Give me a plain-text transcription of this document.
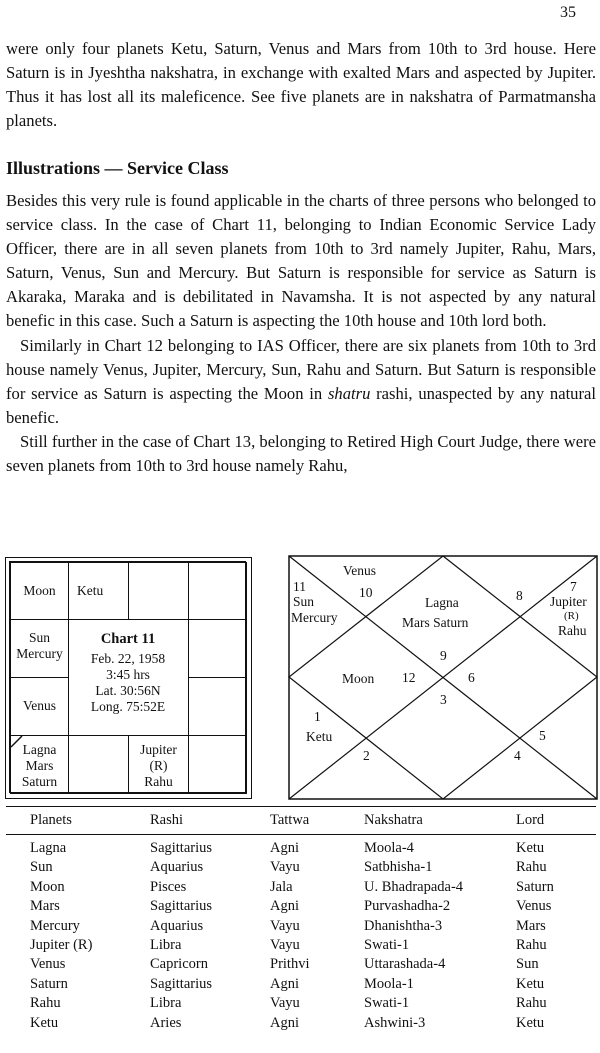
35

were only four planets Ketu, Saturn, Venus and Mars from 10th to 3rd house. Here Saturn is in Jyeshtha nakshatra, in exchange with exalted Mars and aspected by Jupiter. Thus it has lost all its maleficence. See five planets are in nakshatra of Parmatmansha planets.

Illustrations — Service Class

Besides this very rule is found applicable in the charts of three persons who belonged to service class. In the case of Chart 11, belonging to Indian Economic Service Lady Officer, there are in all seven planets from 10th to 3rd namely Jupiter, Rahu, Mars, Saturn, Venus, Sun and Mercury. But Saturn is responsible for service as Saturn is Akaraka, Maraka and is debilitated in Navamsha. It is not aspected by any natural benefic in this case. Such a Saturn is aspecting the 10th house and 10th lord both.

Similarly in Chart 12 belonging to IAS Officer, there are six planets from 10th to 3rd house namely Venus, Jupiter, Mercury, Sun, Rahu and Saturn. But Saturn is responsible for service as Saturn is aspecting the Moon in shatru rashi, unaspected by any natural benefic.

Still further in the case of Chart 13, belonging to Retired High Court Judge, there were seven planets from 10th to 3rd house namely Rahu,

Moon	Ketu
Sun
Mercury
Venus
Lagna
Mars
Saturn
Jupiter
(R)
Rahu
Chart 11
Feb. 22, 1958
3:45 hrs
Lat. 30:56N
Long. 75:52E
Venus
10
11
Sun
Mercury
Lagna
Mars Saturn
8
7
Jupiter
(R)
Rahu
9
Moon 12	6
3
1
Ketu
2
5
4
Planets	Rashi	Tattwa	Nakshatra	Lord

Lagna	Sagittarius	Agni	Moola-4	Ketu
Sun	Aquarius	Vayu	Satbhisha-1	Rahu
Moon	Pisces	Jala	U. Bhadrapada-4	Saturn
Mars	Sagittarius	Agni	Purvashadha-2	Venus
Mercury	Aquarius	Vayu	Dhanishtha-3	Mars
Jupiter (R)	Libra	Vayu	Swati-1	Rahu
Venus	Capricorn	Prithvi	Uttarashada-4	Sun
Saturn	Sagittarius	Agni	Moola-1	Ketu
Rahu	Libra	Vayu	Swati-1	Rahu
Ketu	Aries	Agni	Ashwini-3	Ketu
